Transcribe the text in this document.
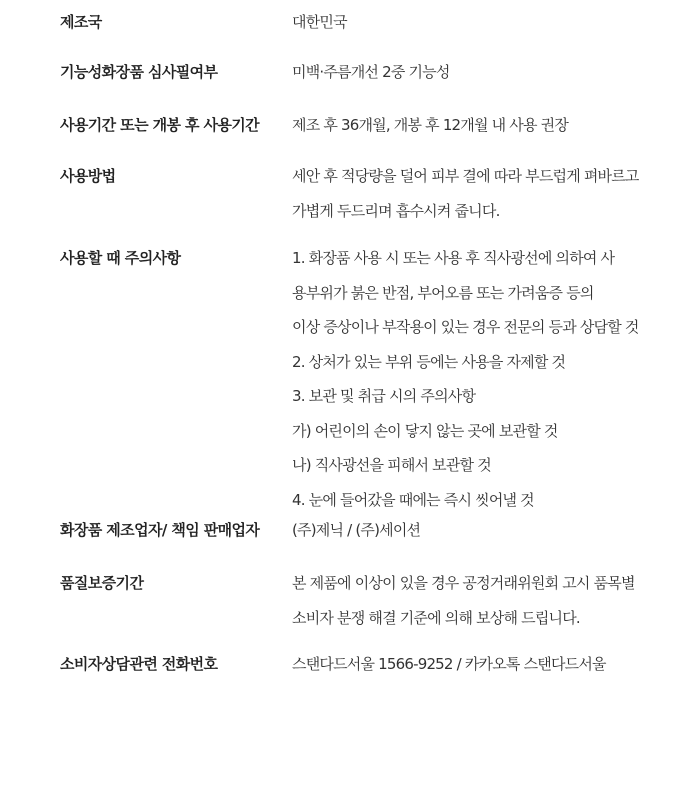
제조국	대한민국
기능성화장품 심사필여부	미백·주름개선 2중 기능성
사용기간 또는 개봉 후 사용기간	제조 후 36개월, 개봉 후 12개월 내 사용 권장
사용방법	세안 후 적당량을 덜어 피부 결에 따라 부드럽게 펴바르고
가볍게 두드리며 흡수시켜 줍니다.
사용할 때 주의사항	1. 화장품 사용 시 또는 사용 후 직사광선에 의하여 사
용부위가 붉은 반점, 부어오름 또는 가려움증 등의
이상 증상이나 부작용이 있는 경우 전문의 등과 상담할 것
2. 상처가 있는 부위 등에는 사용을 자제할 것
3. 보관 및 취급 시의 주의사항
가) 어린이의 손이 닿지 않는 곳에 보관할 것
나) 직사광선을 피해서 보관할 것
4. 눈에 들어갔을 때에는 즉시 씻어낼 것
화장품 제조업자/ 책임 판매업자	(주)제닉 / (주)세이션
품질보증기간	본 제품에 이상이 있을 경우 공정거래위원회 고시 품목별
소비자 분쟁 해결 기준에 의해 보상해 드립니다.
소비자상담관련 전화번호	스탠다드서울 1566-9252 / 카카오톡 스탠다드서울
